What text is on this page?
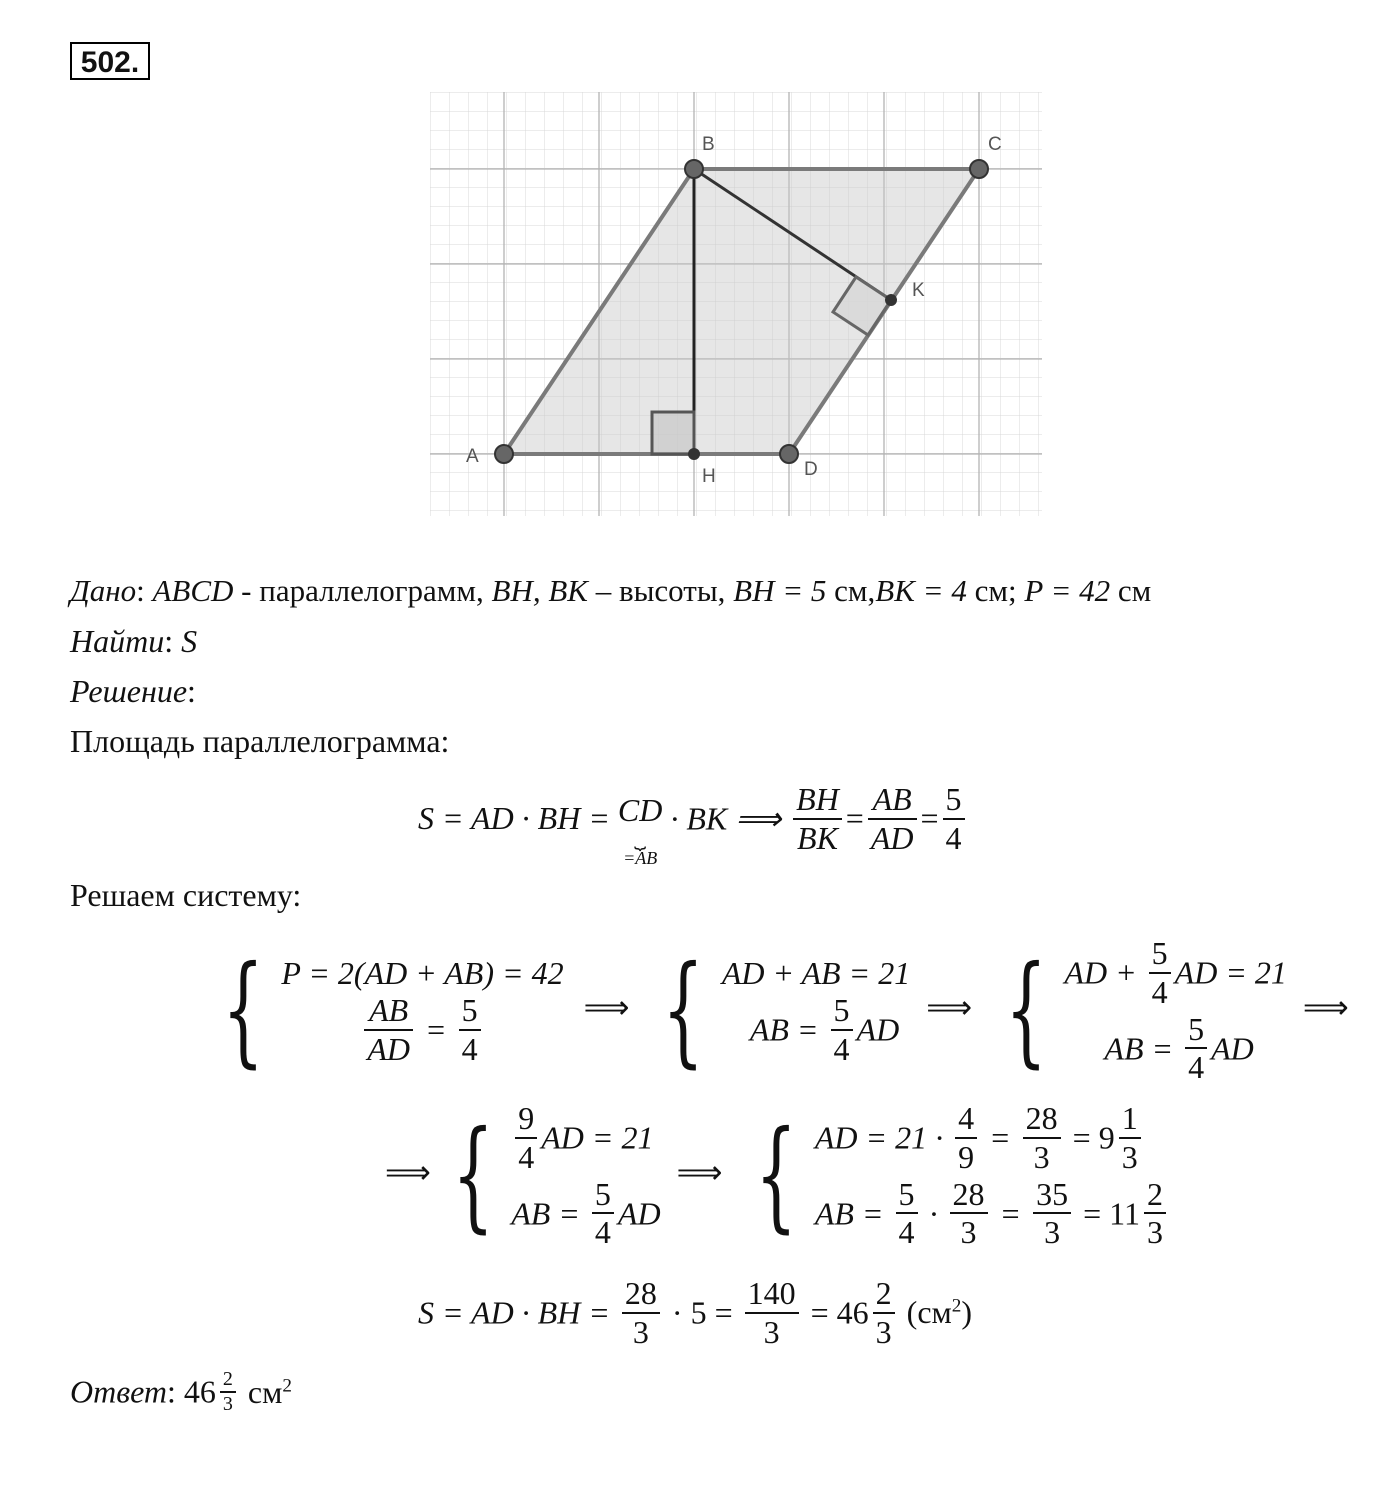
502.
B	C
K
A
H	D
Дано: ABCD - параллелограмм, BH, BK – высоты, BH = 5 см,BK = 4 см; P = 42 см
Найти: S
Решение:
Площадь параллелограмма:
S = AD · BH = CD
⏟
=AB
· BK ⟹ $\frac{BH}{BK} = \frac{AB}{AD} = \frac{5}{4}$
Решаем систему:
{ P = 2(AD + AB) = 42
$\frac{AB}{AD} = \frac{5}{4}$	⟹ { AD + AB = 21
AB = $\frac{5}{4}$ AD
⟹ { AD + $\frac{5}{4}$ AD = 21
AB = $\frac{5}{4}$ AD
⟹
⟹ { $\frac{9}{4}$ AD = 21
AB = $\frac{5}{4}$ AD
⟹ { AD = $21 \cdot \frac{4}{9} = \frac{28}{3} = 9 \frac{1}{3}$
AB = $\frac{5}{4} \cdot \frac{28}{3} = \frac{35}{3} = 11 \frac{2}{3}$
S = AD · BH = $\frac{28}{3} \cdot 5 = \frac{140}{3} = 46 \frac{2}{3} (см^2)$
Ответ: $46 \frac{2}{3} см^2$
